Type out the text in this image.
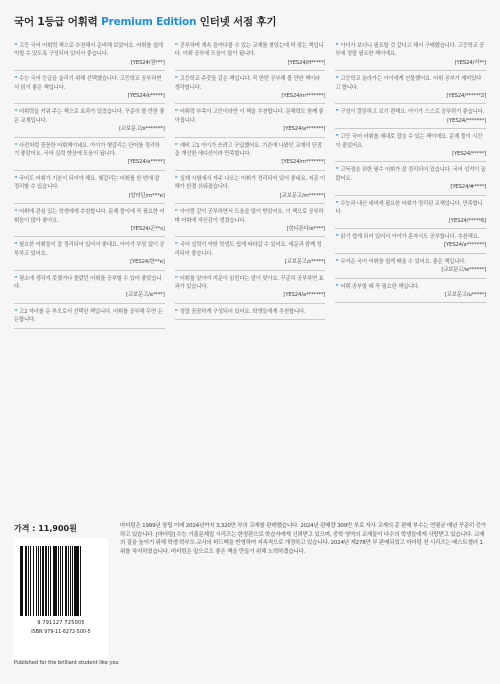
국어 1등급 어휘력 Premium Edition 인터넷 서점 후기
“ 고등 국어 어휘력 책으로 추천해서 준비해 보았어요. 어휘를 쉽게 익힐 수 있도록 구성되어 있어서 좋습니다.
[YES24/권***]
“ 수능 국어 등급을 올리기 위해 선택했습니다. 고등학교 공부하면서 읽기 좋은 책입니다.
[YES24/k*****]
“ 어휘력을 키워 주는 책으로 효과가 있었습니다. 꾸준히 볼 만한 좋은 교재입니다.
[교보문고/s*******]
“ 사전처럼 꼼꼼한 어휘책이네요. 아이가 헷갈리는 단어를 정리하기 좋았어요. 국어 실력 향상에 도움이 됩니다.
[YES24/a*****]
“ 국어도 어휘가 기본이 되어야 해요. 헷갈리는 어휘를 한 번에 잘 정리할 수 있습니다.
[알라딘/m***e]
“ 어휘에 관심 있는 학생에게 추천합니다. 문제 풀이에 꼭 필요한 어휘들이 많아 좋아요.
[YES24/곤**s]
“ 필요한 어휘들이 잘 정리되어 있어서 좋네요. 아이가 부담 없이 공부하고 있어요.
[YES24/한**e]
“ 평소에 생각지 못했거나 몰랐던 어휘를 공부할 수 있어 좋았습니다.
[교보문고/a****]
“ 고2 자녀를 둔 부모로서 선택한 책입니다. 어휘를 공부해 두면 든든합니다.
“ 공부하며 계속 들여다볼 수 있는 교재를 찾았는데 딱 맞는 책입니다. 어휘 공부에 도움이 많이 됩니다.
[YES24/H*****]
“ 고등학교 주춧돌 같은 책입니다. 꼭 한번 공부해 볼 만한 책이라 생각합니다.
[YES24/m*******]
“ 어휘력 부족이 고민이라면 이 책을 추천합니다. 문해력도 함께 좋아집니다.
[YES24/a*******]
“ 예비 고1 아이가 쓰려고 구입했어요. 기존에 나왔던 교재의 단점을 개선한 에디션이라 만족합니다.
[YES24/m*******]
“ 실제 시험에서 자주 나오는 어휘가 정리되어 있어 좋네요. 지문 이해가 한결 쉬워졌습니다.
[교보문고/m******]
“ 아이랑 같이 공부하면서 도움을 많이 받았어요. 이 책으로 공부하며 어휘에 자신감이 생겼습니다.
[한디른다/e****]
“ 국어 실력이 약한 학생도 쉽게 따라갈 수 있어요. 예문과 함께 정리되어 좋습니다.
[교보문고/s*****]
“ 어휘를 알아야 지문이 읽힌다는 말이 맞아요. 꾸준히 공부하면 효과가 있습니다.
[YES24/a*******]
“ 정말 꼼꼼하게 구성되어 있어요. 학생들에게 추천합니다.
“ 아이가 보더니 필요할 것 같다고 해서 구매했습니다. 고등학교 공부에 정말 필요한 책이에요.
[YES24/지**]
“ 고등학교 올라가는 아이에게 선물했어요. 어휘 공부가 재미있다고 합니다.
[YES24/******2]
“ 구성이 깔끔하고 보기 편해요. 아이가 스스로 공부하기 좋습니다.
[YES24/*******]
“ 고등 국어 어휘를 제대로 잡을 수 있는 책이에요. 문제 풀이 시간이 줄었어요.
[YES24/*****]
“ 고득점을 위한 필수 어휘가 잘 정리되어 있습니다. 국어 성적이 올랐어요.
[YES24/#****]
“ 수능과 내신 대비에 필요한 어휘가 정리된 교재입니다. 만족합니다.
[YES24/*****6]
“ 읽기 쉽게 되어 있어서 아이가 혼자서도 공부합니다. 추천해요.
[YES24/a*******]
“ 무서운 국어 어휘를 쉽게 배울 수 있어요. 좋은 책입니다.
[교보문고/w******]
“ 어휘 공부할 때 꼭 필요한 책입니다.
[교보문고/u*****]
가격 : 11,900원
9 791127 725005
ISBN 979-11-6272-500-5
Published for the brilliant student like you
마더텅은 1999년 창립 이래 2024년까지 3,320만 부의 교재를 판매했습니다. 2024년 판매량 309만 부로 자사 교재의 총 판매 부수는 연평균 매년 꾸준히 증가하고 있습니다. [마더텅] 수능 기출문제집 시리즈는 한정판으로 학습자에게 신뢰받고 있으며, 중학 영역의 교재들이 다수의 학생들에게 사랑받고 있습니다. 교재의 질을 높이기 위해 학생·학부모·교사의 피드백을 반영하여 지속적으로 개정하고 있습니다. 2024년 제278만 부 판매되었고 마더텅 전 시리즈는 베스트셀러 1위를 차지하였습니다. 마더텅은 앞으로도 좋은 책을 만들기 위해 노력하겠습니다.
